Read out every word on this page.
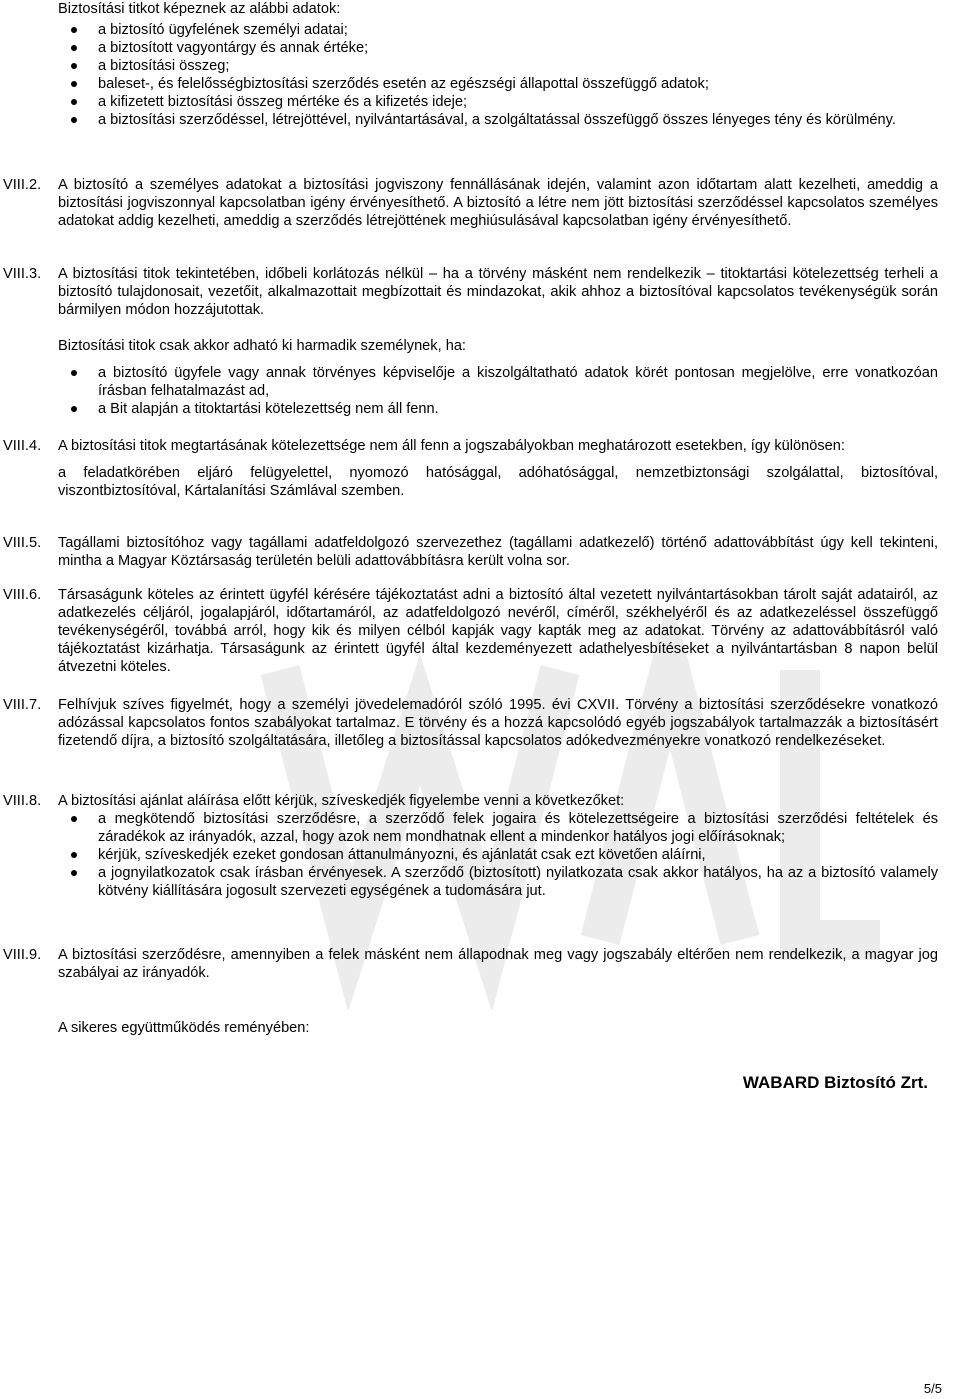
Biztosítási titkot képeznek az alábbi adatok:
a biztosító ügyfelének személyi adatai;
a biztosított vagyontárgy és annak értéke;
a biztosítási összeg;
baleset-, és felelősségbiztosítási szerződés esetén az egészségi állapottal összefüggő adatok;
a kifizetett biztosítási összeg mértéke és a kifizetés ideje;
a biztosítási szerződéssel, létrejöttével, nyilvántartásával, a szolgáltatással összefüggő összes lényeges tény és körülmény.
VIII.2. A biztosító a személyes adatokat a biztosítási jogviszony fennállásának idején, valamint azon időtartam alatt kezelheti, ameddig a biztosítási jogviszonnyal kapcsolatban igény érvényesíthető. A biztosító a létre nem jött biztosítási szerződéssel kapcsolatos személyes adatokat addig kezelheti, ameddig a szerződés létrejöttének meghiúsulásával kapcsolatban igény érvényesíthető.

VIII.3. A biztosítási titok tekintetében, időbeli korlátozás nélkül – ha a törvény másként nem rendelkezik – titoktartási kötelezettség terheli a biztosító tulajdonosait, vezetőit, alkalmazottait megbízottait és mindazokat, akik ahhoz a biztosítóval kapcsolatos tevékenységük során bármilyen módon hozzájutottak.

Biztosítási titok csak akkor adható ki harmadik személynek, ha:
a biztosító ügyfele vagy annak törvényes képviselője a kiszolgáltatható adatok körét pontosan megjelölve, erre vonatkozóan írásban felhatalmazást ad,
a Bit alapján a titoktartási kötelezettség nem áll fenn.
VIII.4. A biztosítási titok megtartásának kötelezettsége nem áll fenn a jogszabályokban meghatározott esetekben, így különösen:

a feladatkörében eljáró felügyelettel, nyomozó hatósággal, adóhatósággal, nemzetbiztonsági szolgálattal, biztosítóval, viszontbiztosítóval, Kártalanítási Számlával szemben.

VIII.5. Tagállami biztosítóhoz vagy tagállami adatfeldolgozó szervezethez (tagállami adatkezelő) történő adattovábbítást úgy kell tekinteni, mintha a Magyar Köztársaság területén belüli adattovábbításra került volna sor.

VIII.6. Társaságunk köteles az érintett ügyfél kérésére tájékoztatást adni a biztosító által vezetett nyilvántartásokban tárolt saját adatairól, az adatkezelés céljáról, jogalapjáról, időtartamáról, az adatfeldolgozó nevéről, címéről, székhelyéről és az adatkezeléssel összefüggő tevékenységéről, továbbá arról, hogy kik és milyen célból kapják vagy kapták meg az adatokat. Törvény az adattovábbításról való tájékoztatást kizárhatja. Társaságunk az érintett ügyfél által kezdeményezett adathelyesbítéseket a nyilvántartásban 8 napon belül átvezetni köteles.

VIII.7. Felhívjuk szíves figyelmét, hogy a személyi jövedelemadóról szóló 1995. évi CXVII. Törvény a biztosítási szerződésekre vonatkozó adózással kapcsolatos fontos szabályokat tartalmaz. E törvény és a hozzá kapcsolódó egyéb jogszabályok tartalmazzák a biztosításért fizetendő díjra, a biztosító szolgáltatására, illetőleg a biztosítással kapcsolatos adókedvezményekre vonatkozó rendelkezéseket.

VIII.8. A biztosítási ajánlat aláírása előtt kérjük, szíveskedjék figyelembe venni a következőket:

a megkötendő biztosítási szerződésre, a szerződő felek jogaira és kötelezettségeire a biztosítási szerződési feltételek és záradékok az irányadók, azzal, hogy azok nem mondhatnak ellent a mindenkor hatályos jogi előírásoknak;
kérjük, szíveskedjék ezeket gondosan áttanulmányozni, és ajánlatát csak ezt követően aláírni,
a jognyilatkozatok csak írásban érvényesek. A szerződő (biztosított) nyilatkozata csak akkor hatályos, ha az a biztosító valamely kötvény kiállítására jogosult szervezeti egységének a tudomására jut.
VIII.9. A biztosítási szerződésre, amennyiben a felek másként nem állapodnak meg vagy jogszabály eltérően nem rendelkezik, a magyar jog szabályai az irányadók.

A sikeres együttműködés reményében:
WABARD Biztosító Zrt.
5/5
